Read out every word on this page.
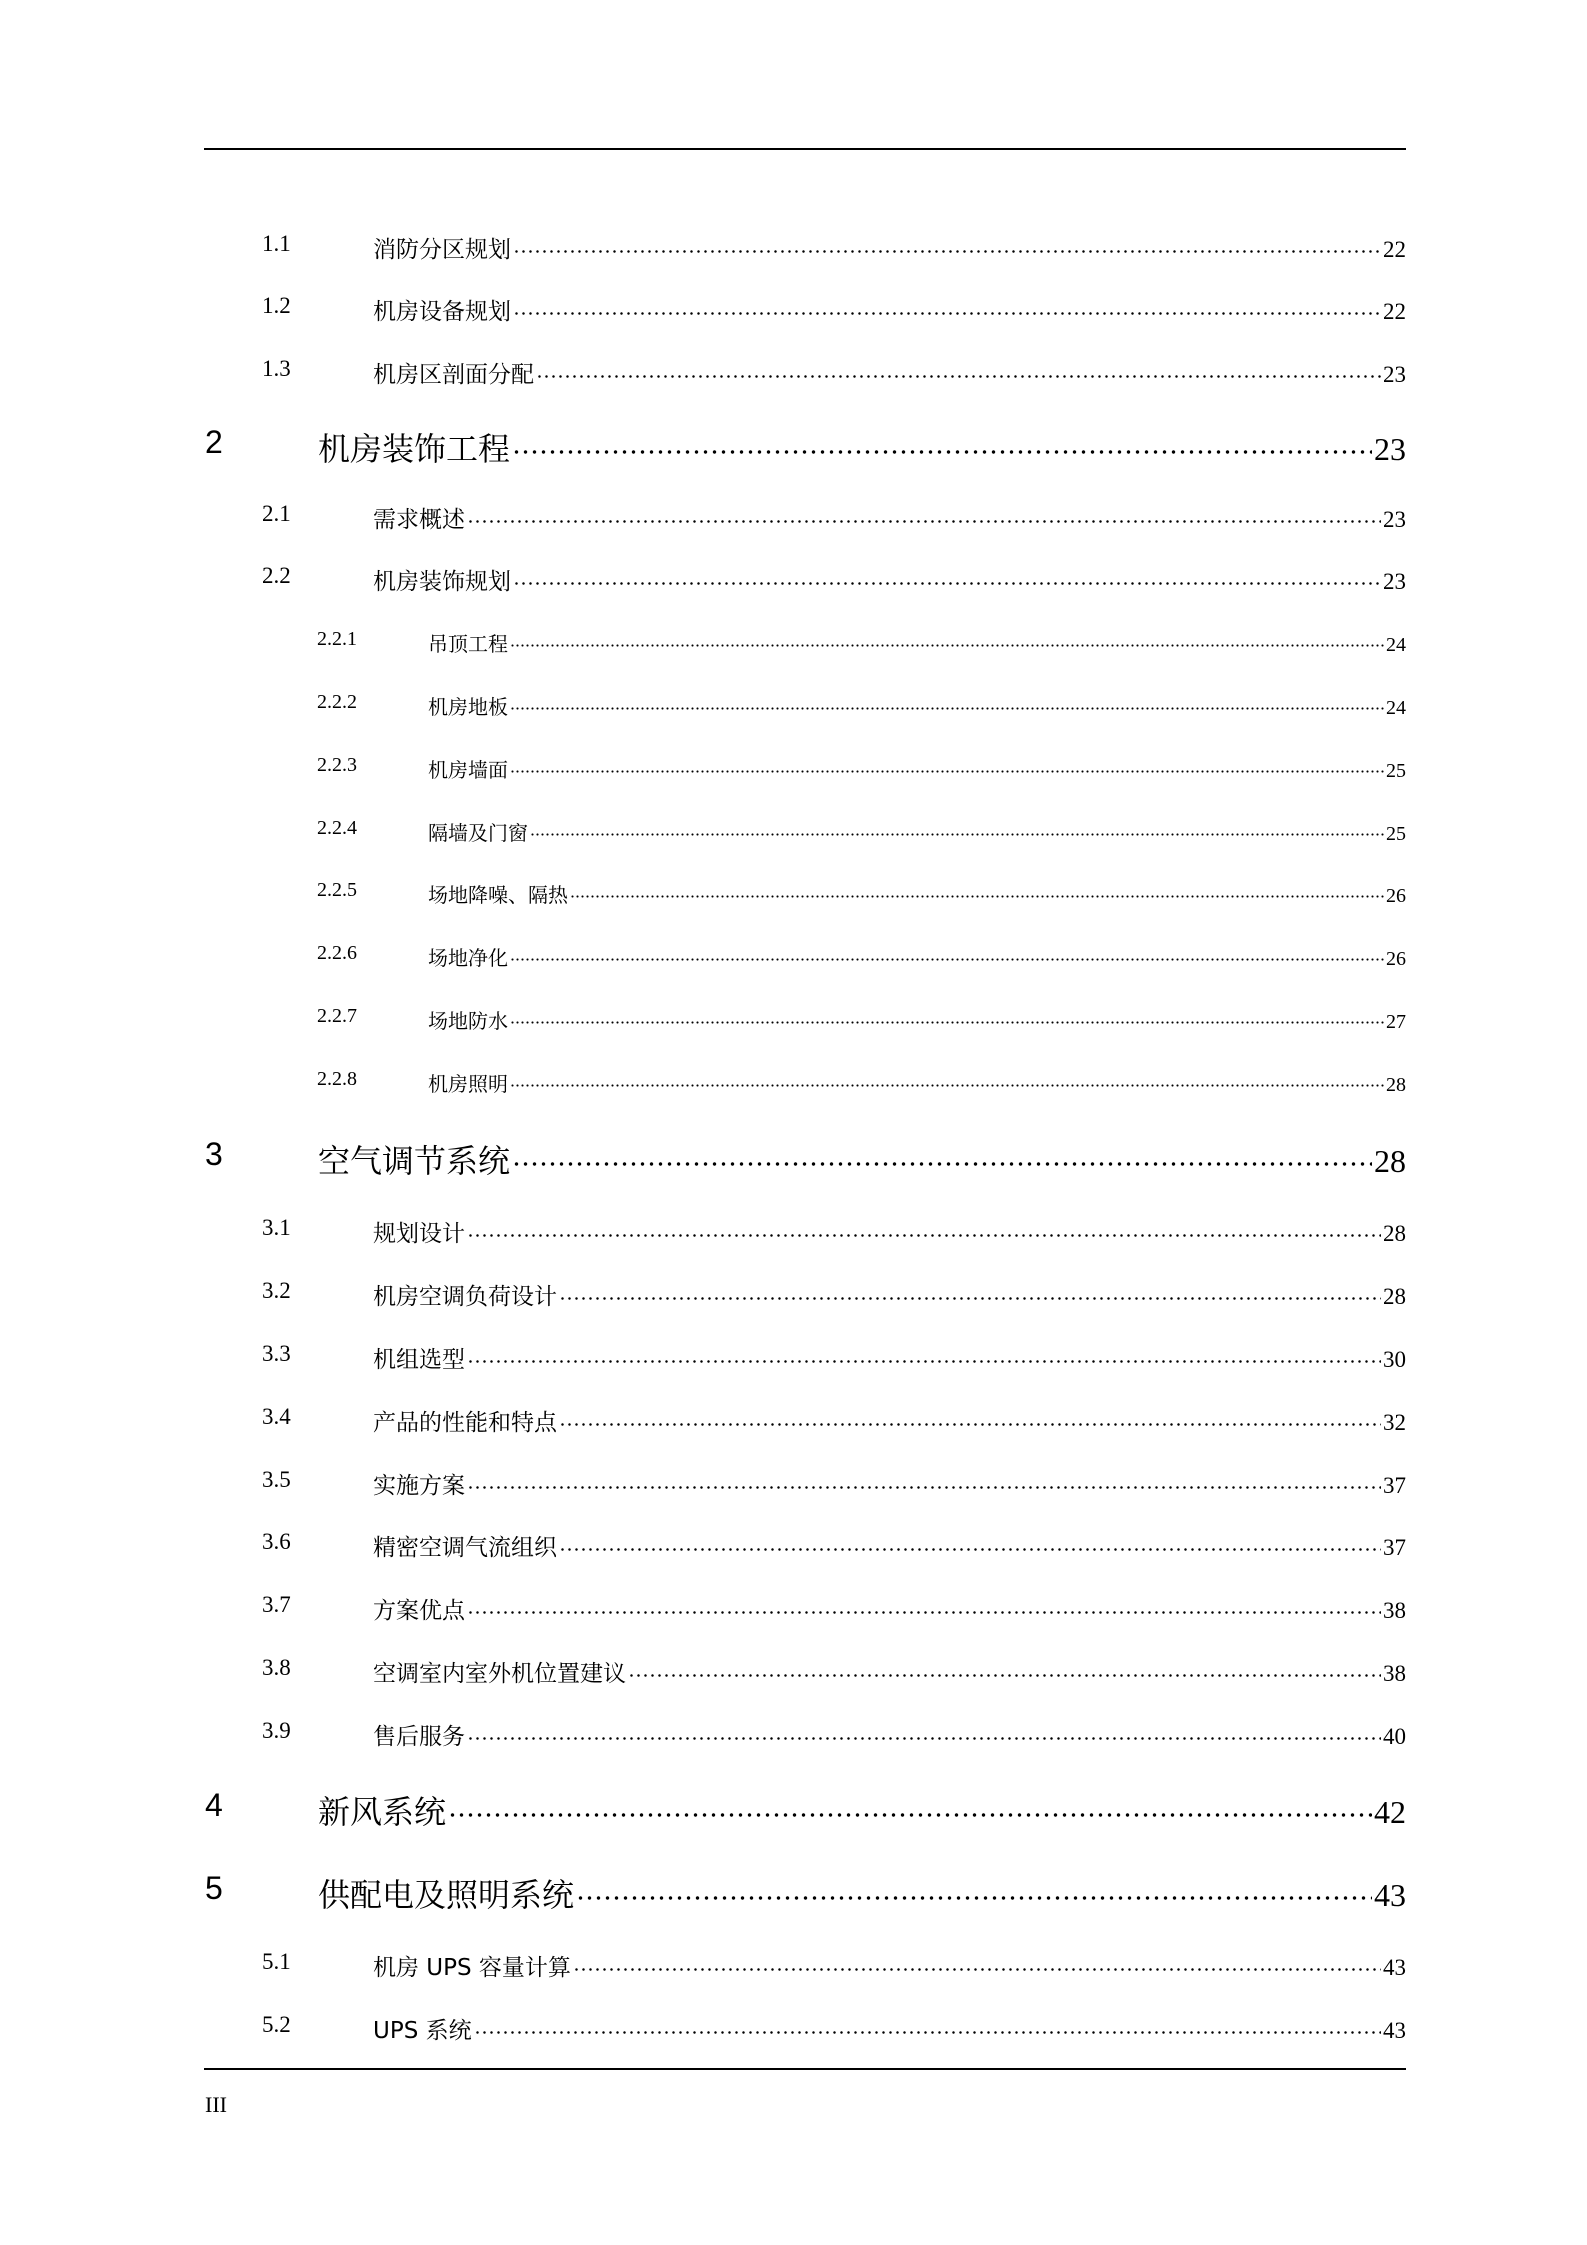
1.1	消防分区规划	22
1.2	机房设备规划	22
1.3	机房区剖面分配	23
2	机房装饰工程	23
2.1	需求概述	23
2.2	机房装饰规划	23
2.2.1	吊顶工程	24
2.2.2	机房地板	24
2.2.3	机房墙面	25
2.2.4	隔墙及门窗	25
2.2.5	场地降噪、隔热	26
2.2.6	场地净化	26
2.2.7	场地防水	27
2.2.8	机房照明	28
3	空气调节系统	28
3.1	规划设计	28
3.2	机房空调负荷设计	28
3.3	机组选型	30
3.4	产品的性能和特点	32
3.5	实施方案	37
3.6	精密空调气流组织	37
3.7	方案优点	38
3.8	空调室内室外机位置建议	38
3.9	售后服务	40
4	新风系统	42
5	供配电及照明系统	43
5.1	机房 UPS 容量计算	43
5.2	UPS 系统	43
III
